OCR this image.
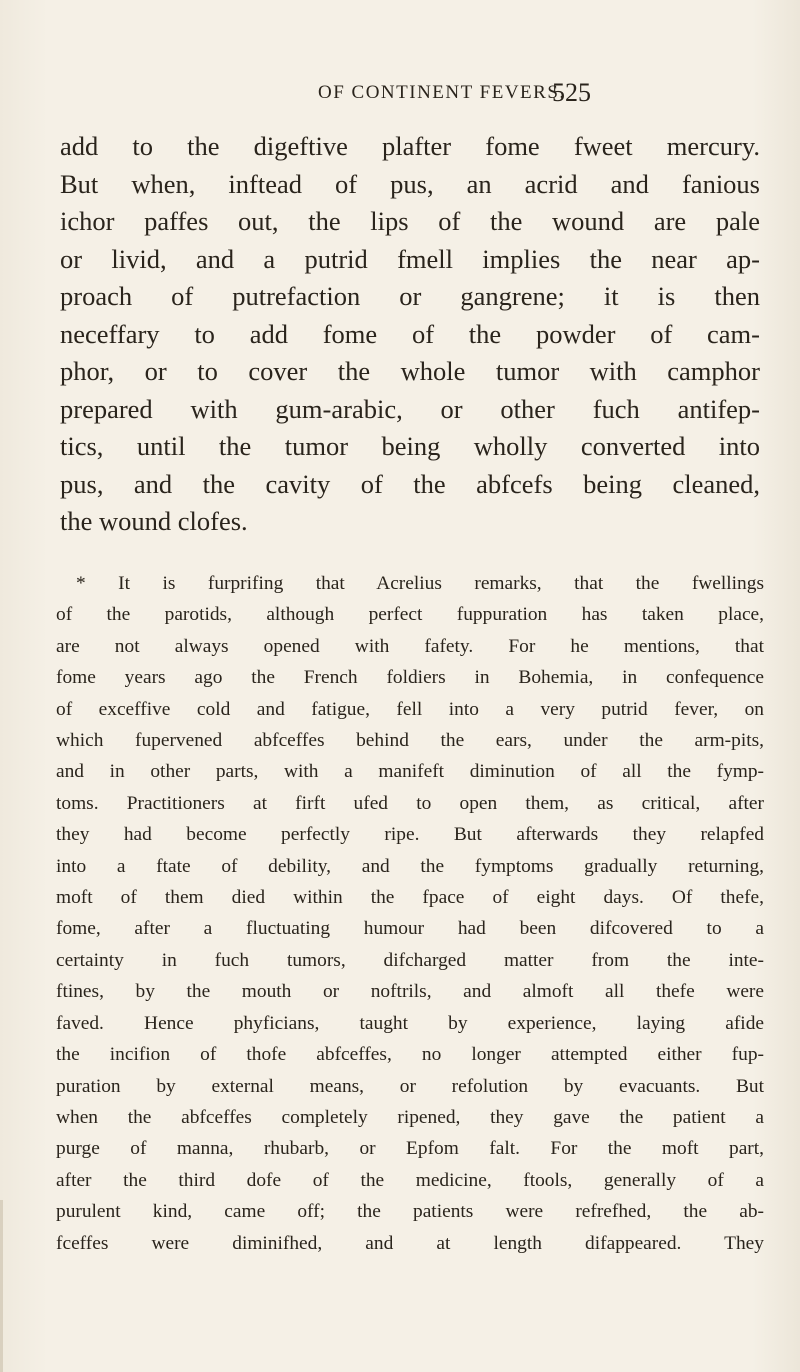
OF CONTINENT FEVERS.
525

add to the digeftive plafter fome fweet mercury.
But when, inftead of pus, an acrid and fanious
ichor paffes out, the lips of the wound are pale
or livid, and a putrid fmell implies the near ap-
proach of putrefaction or gangrene; it is then
neceffary to add fome of the powder of cam-
phor, or to cover the whole tumor with camphor
prepared with gum-arabic, or other fuch antifep-
tics, until the tumor being wholly converted into
pus, and the cavity of the abfcefs being cleaned,
the wound clofes.

* It is furprifing that Acrelius remarks, that the fwellings
of the parotids, although perfect fuppuration has taken place,
are not always opened with fafety. For he mentions, that
fome years ago the French foldiers in Bohemia, in confequence
of exceffive cold and fatigue, fell into a very putrid fever, on
which fupervened abfceffes behind the ears, under the arm-pits,
and in other parts, with a manifeft diminution of all the fymp-
toms. Practitioners at firft ufed to open them, as critical, after
they had become perfectly ripe. But afterwards they relapfed
into a ftate of debility, and the fymptoms gradually returning,
moft of them died within the fpace of eight days. Of thefe,
fome, after a fluctuating humour had been difcovered to a
certainty in fuch tumors, difcharged matter from the inte-
ftines, by the mouth or noftrils, and almoft all thefe were
faved. Hence phyficians, taught by experience, laying afide
the incifion of thofe abfceffes, no longer attempted either fup-
puration by external means, or refolution by evacuants. But
when the abfceffes completely ripened, they gave the patient a
purge of manna, rhubarb, or Epfom falt. For the moft part,
after the third dofe of the medicine, ftools, generally of a
purulent kind, came off; the patients were refrefhed, the ab-
fceffes were diminifhed, and at length difappeared. They
